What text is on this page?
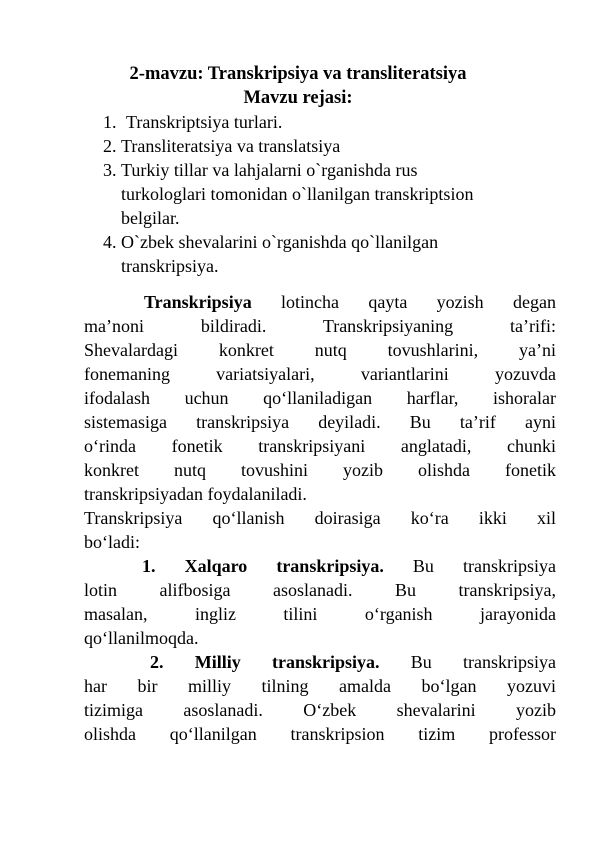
2-mavzu: Transkripsiya va transliteratsiya
Mavzu rejasi:
1. Transkriptsiya turlari.
2. Transliteratsiya va translatsiya
3. Turkiy tillar va lahjalarni o`rganishda rus
turkologlari tomonidan o`llanilgan transkriptsion
belgilar.
4. O`zbek shevalarini o`rganishda qo`llanilgan
transkripsiya.
Transkripsiya lotincha qayta yozish degan
ma’noni bildiradi. Transkripsiyaning ta’rifi:
Shevalardagi konkret nutq tovushlarini, ya’ni
fonemaning variatsiyalari, variantlarini yozuvda
ifodalash uchun qo‘llaniladigan harflar, ishoralar
sistemasiga transkripsiya deyiladi. Bu ta’rif ayni
o‘rinda fonetik transkripsiyani anglatadi, chunki
konkret nutq tovushini yozib olishda fonetik
transkripsiyadan foydalaniladi.
Transkripsiya qo‘llanish doirasiga ko‘ra ikki xil
bo‘ladi:
1. Xalqaro transkripsiya. Bu transkripsiya
lotin alifbosiga asoslanadi. Bu transkripsiya,
masalan, ingliz tilini o‘rganish jarayonida
qo‘llanilmoqda.
2. Milliy transkripsiya. Bu transkripsiya
har bir milliy tilning amalda bo‘lgan yozuvi
tizimiga asoslanadi. O‘zbek shevalarini yozib
olishda qo‘llanilgan transkripsion tizim professor
